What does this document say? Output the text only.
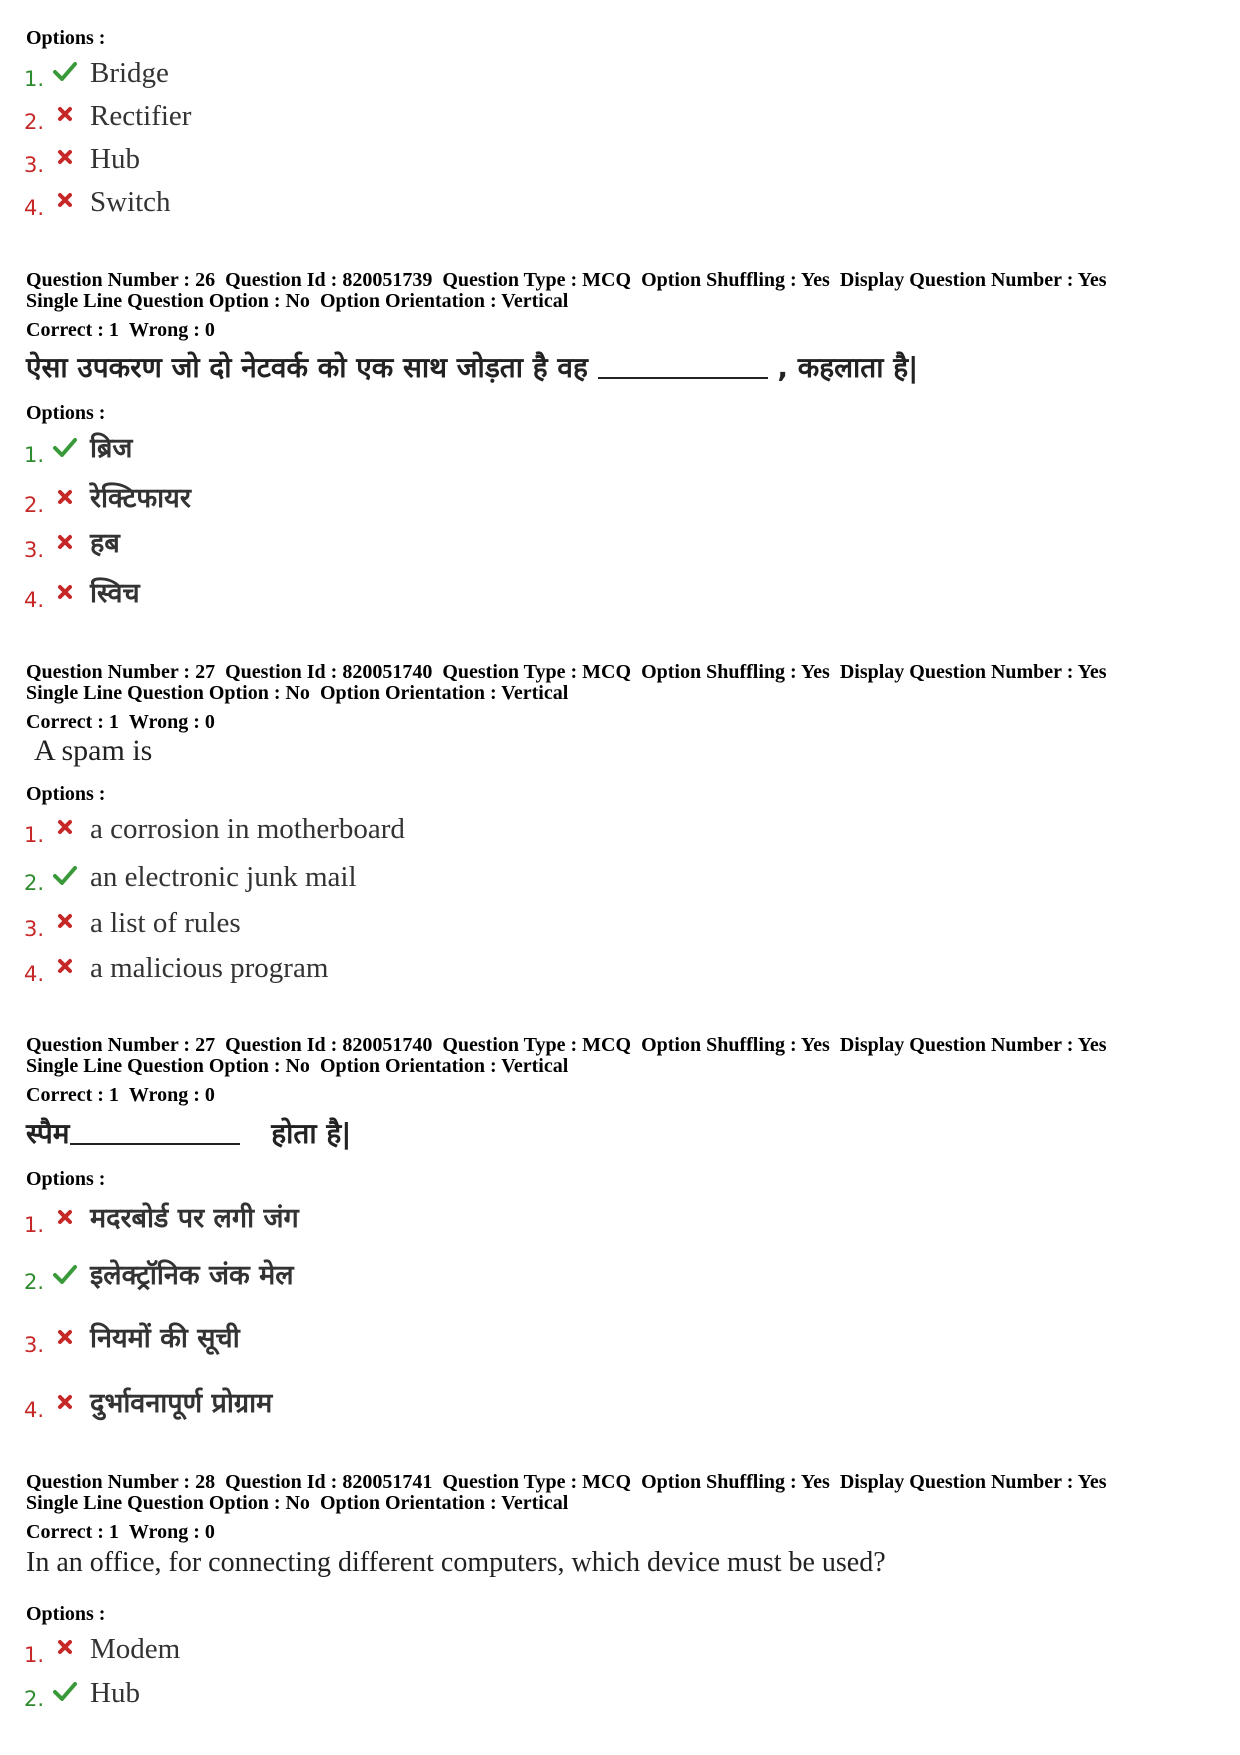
Options :
1. Bridge
2. Rectifier
3. Hub
4. Switch
Question Number : 26 Question Id : 820051739 Question Type : MCQ Option Shuffling : Yes Display Question Number : Yes
Single Line Question Option : No Option Orientation : Vertical
Correct : 1 Wrong : 0
ऐसा उपकरण जो दो नेटवर्क को एक साथ जोड़ता है वह	, कहलाता है|
Options :
1. ब्रिज
2. रेक्टिफायर
3. हब
4. स्विच
Question Number : 27 Question Id : 820051740 Question Type : MCQ Option Shuffling : Yes Display Question Number : Yes
Single Line Question Option : No Option Orientation : Vertical
Correct : 1 Wrong : 0
A spam is
Options :
1. a corrosion in motherboard
2. an electronic junk mail
3. a list of rules
4. a malicious program
Question Number : 27 Question Id : 820051740 Question Type : MCQ Option Shuffling : Yes Display Question Number : Yes
Single Line Question Option : No Option Orientation : Vertical
Correct : 1 Wrong : 0
स्पैम	होता है|
Options :
1. मदरबोर्ड पर लगी जंग
2. इलेक्ट्रॉनिक जंक मेल
3. नियमों की सूची
4. दुर्भावनापूर्ण प्रोग्राम
Question Number : 28 Question Id : 820051741 Question Type : MCQ Option Shuffling : Yes Display Question Number : Yes
Single Line Question Option : No Option Orientation : Vertical
Correct : 1 Wrong : 0
In an office, for connecting different computers, which device must be used?
Options :
1. Modem
2. Hub
